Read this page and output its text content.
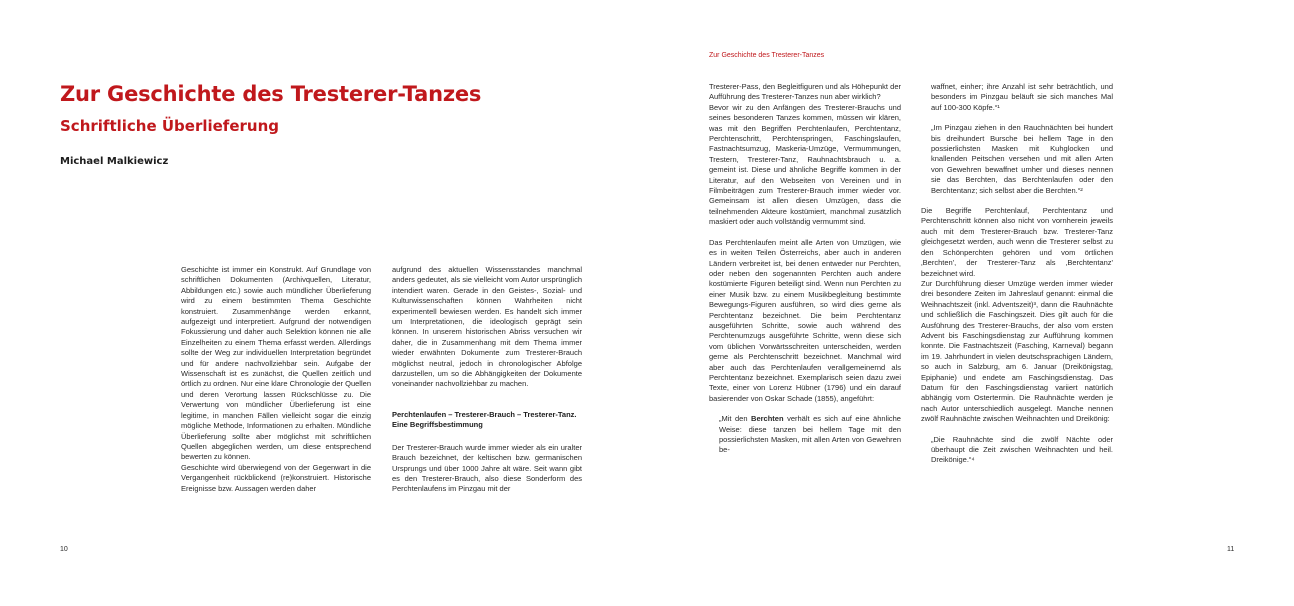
Zur Geschichte des Tresterer-Tanzes
Schriftliche Überlieferung
Michael Malkiewicz

Geschichte ist immer ein Konstrukt. Auf Grundlage von schriftlichen Dokumenten (Archivquellen, Literatur, Abbildungen etc.) sowie auch mündlicher Überlieferung wird zu einem bestimmten Thema Geschichte konstruiert. Zusammenhänge werden erkannt, aufgezeigt und interpretiert. Aufgrund der notwendigen Fokussierung und daher auch Selektion können nie alle Einzelheiten zu einem Thema erfasst werden. Allerdings sollte der Weg zur individuellen Interpretation begründet und für andere nachvollziehbar sein. Aufgabe der Wissenschaft ist es zunächst, die Quellen zeitlich und örtlich zu ordnen. Nur eine klare Chronologie der Quellen und deren Verortung lassen Rückschlüsse zu. Die Verwertung von mündlicher Überlieferung ist eine legitime, in manchen Fällen vielleicht sogar die einzig mögliche Methode, Informationen zu erhalten. Mündliche Überlieferung sollte aber möglichst mit schriftlichen Quellen abgeglichen werden, um diese entsprechend bewerten zu können.

Geschichte wird überwiegend von der Gegenwart in die Vergangenheit rückblickend (re)konstruiert. Historische Ereignisse bzw. Aussagen werden daher

aufgrund des aktuellen Wissensstandes manchmal anders gedeutet, als sie vielleicht vom Autor ursprünglich intendiert waren. Gerade in den Geistes-, Sozial- und Kulturwissenschaften können Wahrheiten nicht experimentell bewiesen werden. Es handelt sich immer um Interpretationen, die ideologisch geprägt sein können. In unserem historischen Abriss versuchen wir daher, die in Zusammenhang mit dem Thema immer wieder erwähnten Dokumente zum Tresterer-Brauch möglichst neutral, jedoch in chronologischer Abfolge darzustellen, um so die Abhängigkeiten der Dokumente voneinander nachvollziehbar zu machen.

Perchtenlaufen – Tresterer-Brauch – Tresterer-Tanz. Eine Begriffsbestimmung

Der Tresterer-Brauch wurde immer wieder als ein uralter Brauch bezeichnet, der keltischen bzw. germanischen Ursprungs und über 1000 Jahre alt wäre. Seit wann gibt es den Tresterer-Brauch, also diese Sonderform des Perchtenlaufens im Pinzgau mit der

10
Zur Geschichte des Tresterer-Tanzes

Tresterer-Pass, den Begleitfiguren und als Höhepunkt der Aufführung des Tresterer-Tanzes nun aber wirklich?

Bevor wir zu den Anfängen des Tresterer-Brauchs und seines besonderen Tanzes kommen, müssen wir klären, was mit den Begriffen Perchtenlaufen, Perchtentanz, Perchtenschritt, Perchtenspringen, Faschingslaufen, Fastnachtsumzug, Maskeria-Umzüge, Vermummungen, Trestern, Tresterer-Tanz, Rauhnachtsbrauch u. a. gemeint ist. Diese und ähnliche Begriffe kommen in der Literatur, auf den Webseiten von Vereinen und in Filmbeiträgen zum Tresterer-Brauch immer wieder vor. Gemeinsam ist allen diesen Umzügen, dass die teilnehmenden Akteure kostümiert, manchmal zusätzlich maskiert oder auch vollständig vermummt sind.

Das Perchtenlaufen meint alle Arten von Umzügen, wie es in weiten Teilen Österreichs, aber auch in anderen Ländern verbreitet ist, bei denen entweder nur Perchten, oder neben den sogenannten Perchten auch andere kostümierte Figuren beteiligt sind. Wenn nun Perchten zu einer Musik bzw. zu einem Musikbegleitung bestimmte Bewegungs-Figuren ausführen, so wird dies gerne als Perchtentanz bezeichnet. Die beim Perchtentanz ausgeführten Schritte, sowie auch während des Perchtenumzugs ausgeführte Schritte, wenn diese sich vom üblichen Vorwärtsschreiten unterscheiden, werden gerne als Perchtenschritt bezeichnet. Manchmal wird aber auch das Perchtenlaufen verallgemeinernd als Perchtentanz bezeichnet. Exemplarisch seien dazu zwei Texte, einer von Lorenz Hübner (1796) und ein darauf basierender von Oskar Schade (1855), angeführt:

„Mit den Berchten verhält es sich auf eine ähnliche Weise: diese tanzen bei hellem Tage mit den possierlichsten Masken, mit allen Arten von Gewehren be-

waffnet, einher; ihre Anzahl ist sehr beträchtlich, und besonders im Pinzgau beläuft sie sich manches Mal auf 100-300 Köpfe.“¹

„Im Pinzgau ziehen in den Rauchnächten bei hundert bis dreihundert Bursche bei hellem Tage in den possierlichsten Masken mit Kuhglocken und knallenden Peitschen versehen und mit allen Arten von Gewehren bewaffnet umher und dieses nennen sie das Berchten, das Berchtenlaufen oder den Berchtentanz; sich selbst aber die Berchten.“²

Die Begriffe Perchtenlauf, Perchtentanz und Perchtenschritt können also nicht von vornherein jeweils auch mit dem Tresterer-Brauch bzw. Tresterer-Tanz gleichgesetzt werden, auch wenn die Tresterer selbst zu den Schönperchten gehören und vom örtlichen ‚Berchten', der Tresterer-Tanz als ‚Berchtentanz' bezeichnet wird.

Zur Durchführung dieser Umzüge werden immer wieder drei besondere Zeiten im Jahreslauf genannt: einmal die Weihnachtszeit (inkl. Adventszeit)³, dann die Rauhnächte und schließlich die Faschingszeit. Dies gilt auch für die Ausführung des Tresterer-Brauchs, der also vom ersten Advent bis Faschingsdienstag zur Aufführung kommen konnte. Die Fastnachtszeit (Fasching, Karneval) begann im 19. Jahrhundert in vielen deutschsprachigen Ländern, so auch in Salzburg, am 6. Januar (Dreikönigstag, Epiphanie) und endete am Faschingsdienstag. Das Datum für den Faschingsdienstag variiert natürlich abhängig vom Ostertermin. Die Rauhnächte werden je nach Autor unterschiedlich ausgelegt. Manche nennen zwölf Rauhnächte zwischen Weihnachten und Dreikönig:

„Die Rauhnächte sind die zwölf Nächte oder überhaupt die Zeit zwischen Weihnachten und heil. Dreikönige.“⁴

11
